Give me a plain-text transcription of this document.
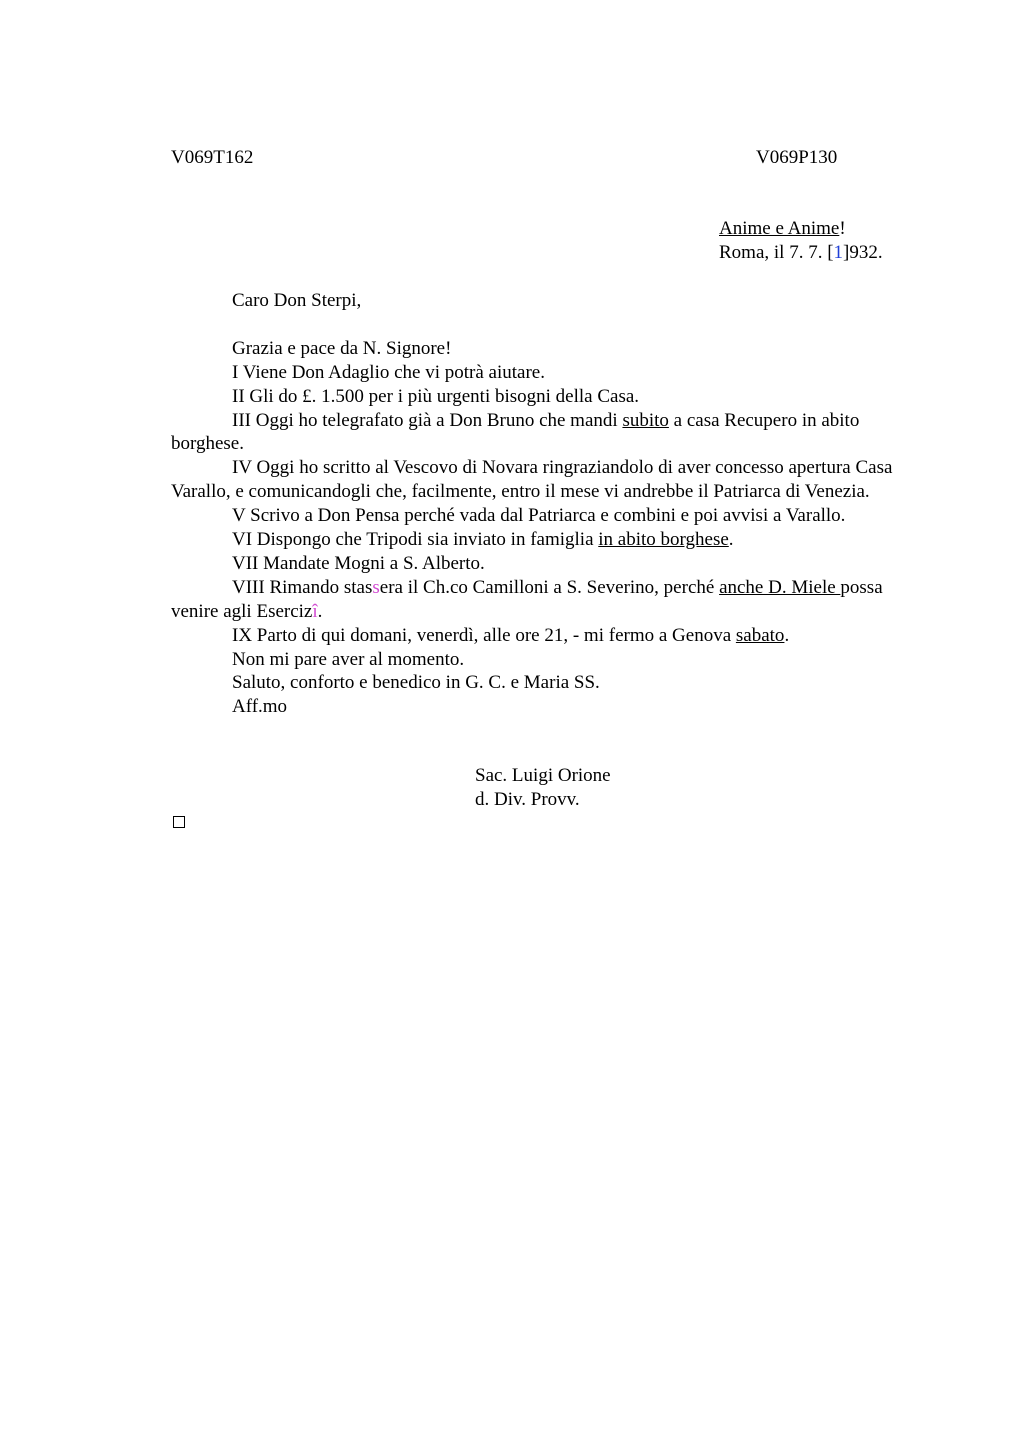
V069T162	V069P130
Anime e Anime!
Roma, il 7. 7. [1]932.

Caro Don Sterpi,

Grazia e pace da N. Signore!

I Viene Don Adaglio che vi potrà aiutare.

II Gli do £. 1.500 per i più urgenti bisogni della Casa.

III Oggi ho telegrafato già a Don Bruno che mandi subito a casa Recupero in abito borghese.

IV Oggi ho scritto al Vescovo di Novara ringraziandolo di aver concesso apertura Casa Varallo, e comunicandogli che, facilmente, entro il mese vi andrebbe il Patriarca di Venezia.

V Scrivo a Don Pensa perché vada dal Patriarca e combini e poi avvisi a Varallo.

VI Dispongo che Tripodi sia inviato in famiglia in abito borghese.

VII Mandate Mogni a S. Alberto.

VIII Rimando stassera il Ch.co Camilloni a S. Severino, perché anche D. Miele possa venire agli Esercizî.

IX Parto di qui domani, venerdì, alle ore 21, - mi fermo a Genova sabato.

Non mi pare aver al momento.

Saluto, conforto e benedico in G. C. e Maria SS.

Aff.mo

Sac. Luigi Orione
d. Div. Provv.
